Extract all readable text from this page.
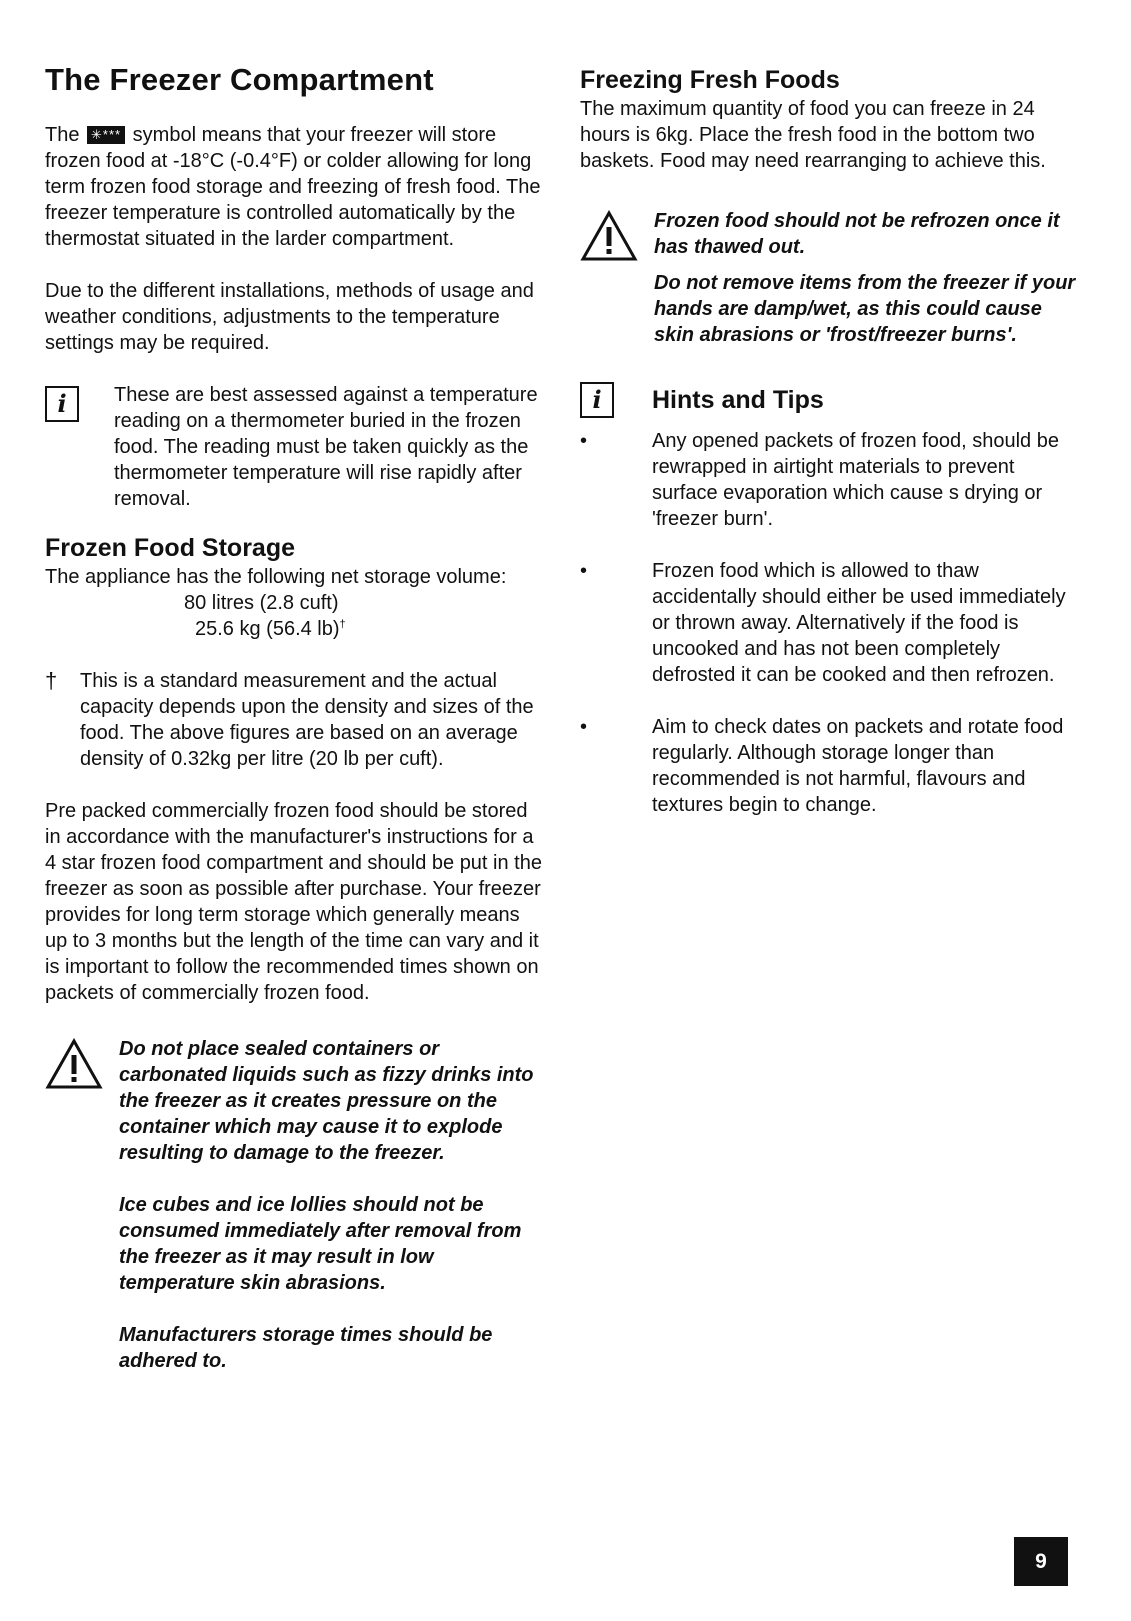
The Freezer Compartment

The ✳*** symbol means that your freezer will store frozen food at -18°C (-0.4°F) or colder allowing for long term frozen food storage and freezing of fresh food. The freezer temperature is controlled automatically by the thermostat situated in the larder compartment.

Due to the different installations, methods of usage and weather conditions, adjustments to the temperature settings may be required.

i	These are best assessed against a temperature reading on a thermometer buried in the frozen food. The reading must be taken quickly as the thermometer temperature will rise rapidly after removal.

Frozen Food Storage

The appliance has the following net storage volume:

80 litres (2.8 cuft)
25.6 kg (56.4 lb)†
† This is a standard measurement and the actual capacity depends upon the density and sizes of the food. The above figures are based on an average density of 0.32kg per litre (20 lb per cuft).

Pre packed commercially frozen food should be stored in accordance with the manufacturer's instructions for a 4 star frozen food compartment and should be put in the freezer as soon as possible after purchase. Your freezer provides for long term storage which generally means up to 3 months but the length of the time can vary and it is important to follow the recommended times shown on packets of commercially frozen food.

Do not place sealed containers or carbonated liquids such as fizzy drinks into the freezer as it creates pressure on the container which may cause it to explode resulting to damage to the freezer.

Ice cubes and ice lollies should not be consumed immediately after removal from the freezer as it may result in low temperature skin abrasions.

Manufacturers storage times should be adhered to.

Freezing Fresh Foods

The maximum quantity of food you can freeze in 24 hours is 6kg. Place the fresh food in the bottom two baskets. Food may need rearranging to achieve this.

Frozen food should not be refrozen once it has thawed out.

Do not remove items from the freezer if your hands are damp/wet, as this could cause skin abrasions or 'frost/freezer burns'.

i	Hints and Tips
•	Any opened packets of frozen food, should be rewrapped in airtight materials to prevent surface evaporation which cause s drying or 'freezer burn'.

•	Frozen food which is allowed to thaw accidentally should either be used immediately or thrown away. Alternatively if the food is uncooked and has not been completely defrosted it can be cooked and then refrozen.

•	Aim to check dates on packets and rotate food regularly. Although storage longer than recommended is not harmful, flavours and textures begin to change.

9
